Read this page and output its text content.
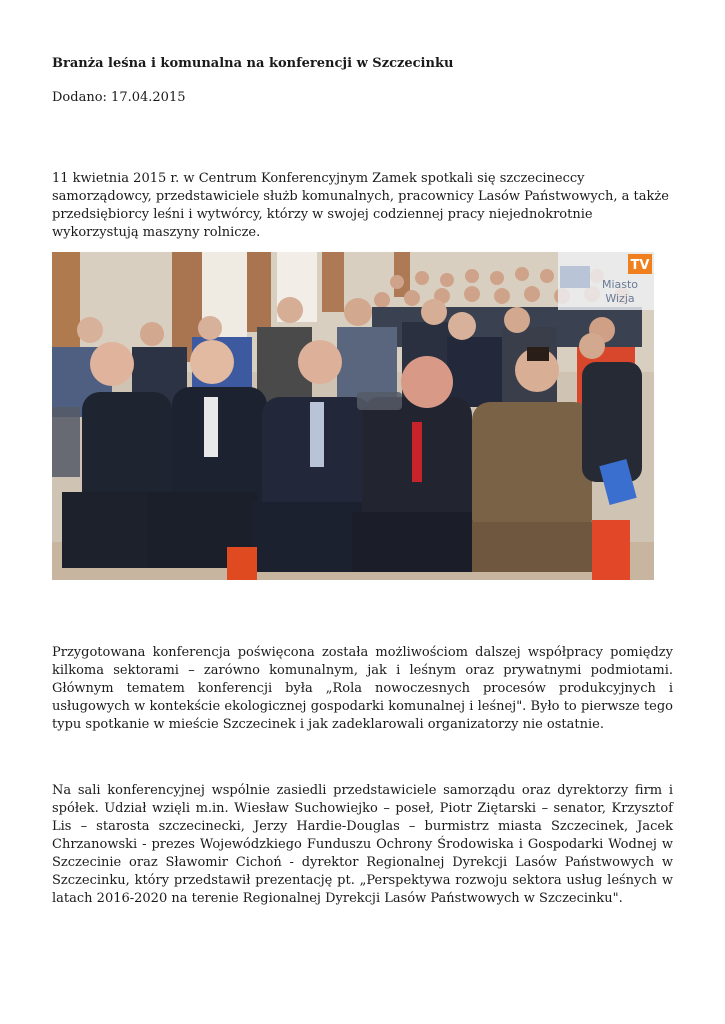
Branża leśna i komunalna na konferencji w Szczecinku
Dodano: 17.04.2015

11 kwietnia 2015 r. w Centrum Konferencyjnym Zamek spotkali się szczecineccy samorządowcy, przedstawiciele służb komunalnych, pracownicy Lasów Państwowych, a także przedsiębiorcy leśni i wytwórcy, którzy w swojej codziennej pracy niejednokrotnie wykorzystują maszyny rolnicze.

TV
Miasto
Wizja

Przygotowana konferencja poświęcona została możliwościom dalszej współpracy pomiędzy kilkoma sektorami – zarówno komunalnym, jak i leśnym oraz prywatnymi podmiotami. Głównym tematem konferencji była „Rola nowoczesnych procesów produkcyjnych i usługowych w kontekście ekologicznej gospodarki komunalnej i leśnej". Było to pierwsze tego typu spotkanie w mieście Szczecinek i jak zadeklarowali organizatorzy nie ostatnie.

Na sali konferencyjnej wspólnie zasiedli przedstawiciele samorządu oraz dyrektorzy firm i spółek. Udział wzięli m.in. Wiesław Suchowiejko – poseł, Piotr Ziętarski – senator, Krzysztof Lis – starosta szczecinecki, Jerzy Hardie-Douglas – burmistrz miasta Szczecinek, Jacek Chrzanowski - prezes Wojewódzkiego Funduszu Ochrony Środowiska i Gospodarki Wodnej w Szczecinie oraz Sławomir Cichoń - dyrektor Regionalnej Dyrekcji Lasów Państwowych w Szczecinku, który przedstawił prezentację pt. „Perspektywa rozwoju sektora usług leśnych w latach 2016-2020 na terenie Regionalnej Dyrekcji Lasów Państwowych w Szczecinku".
